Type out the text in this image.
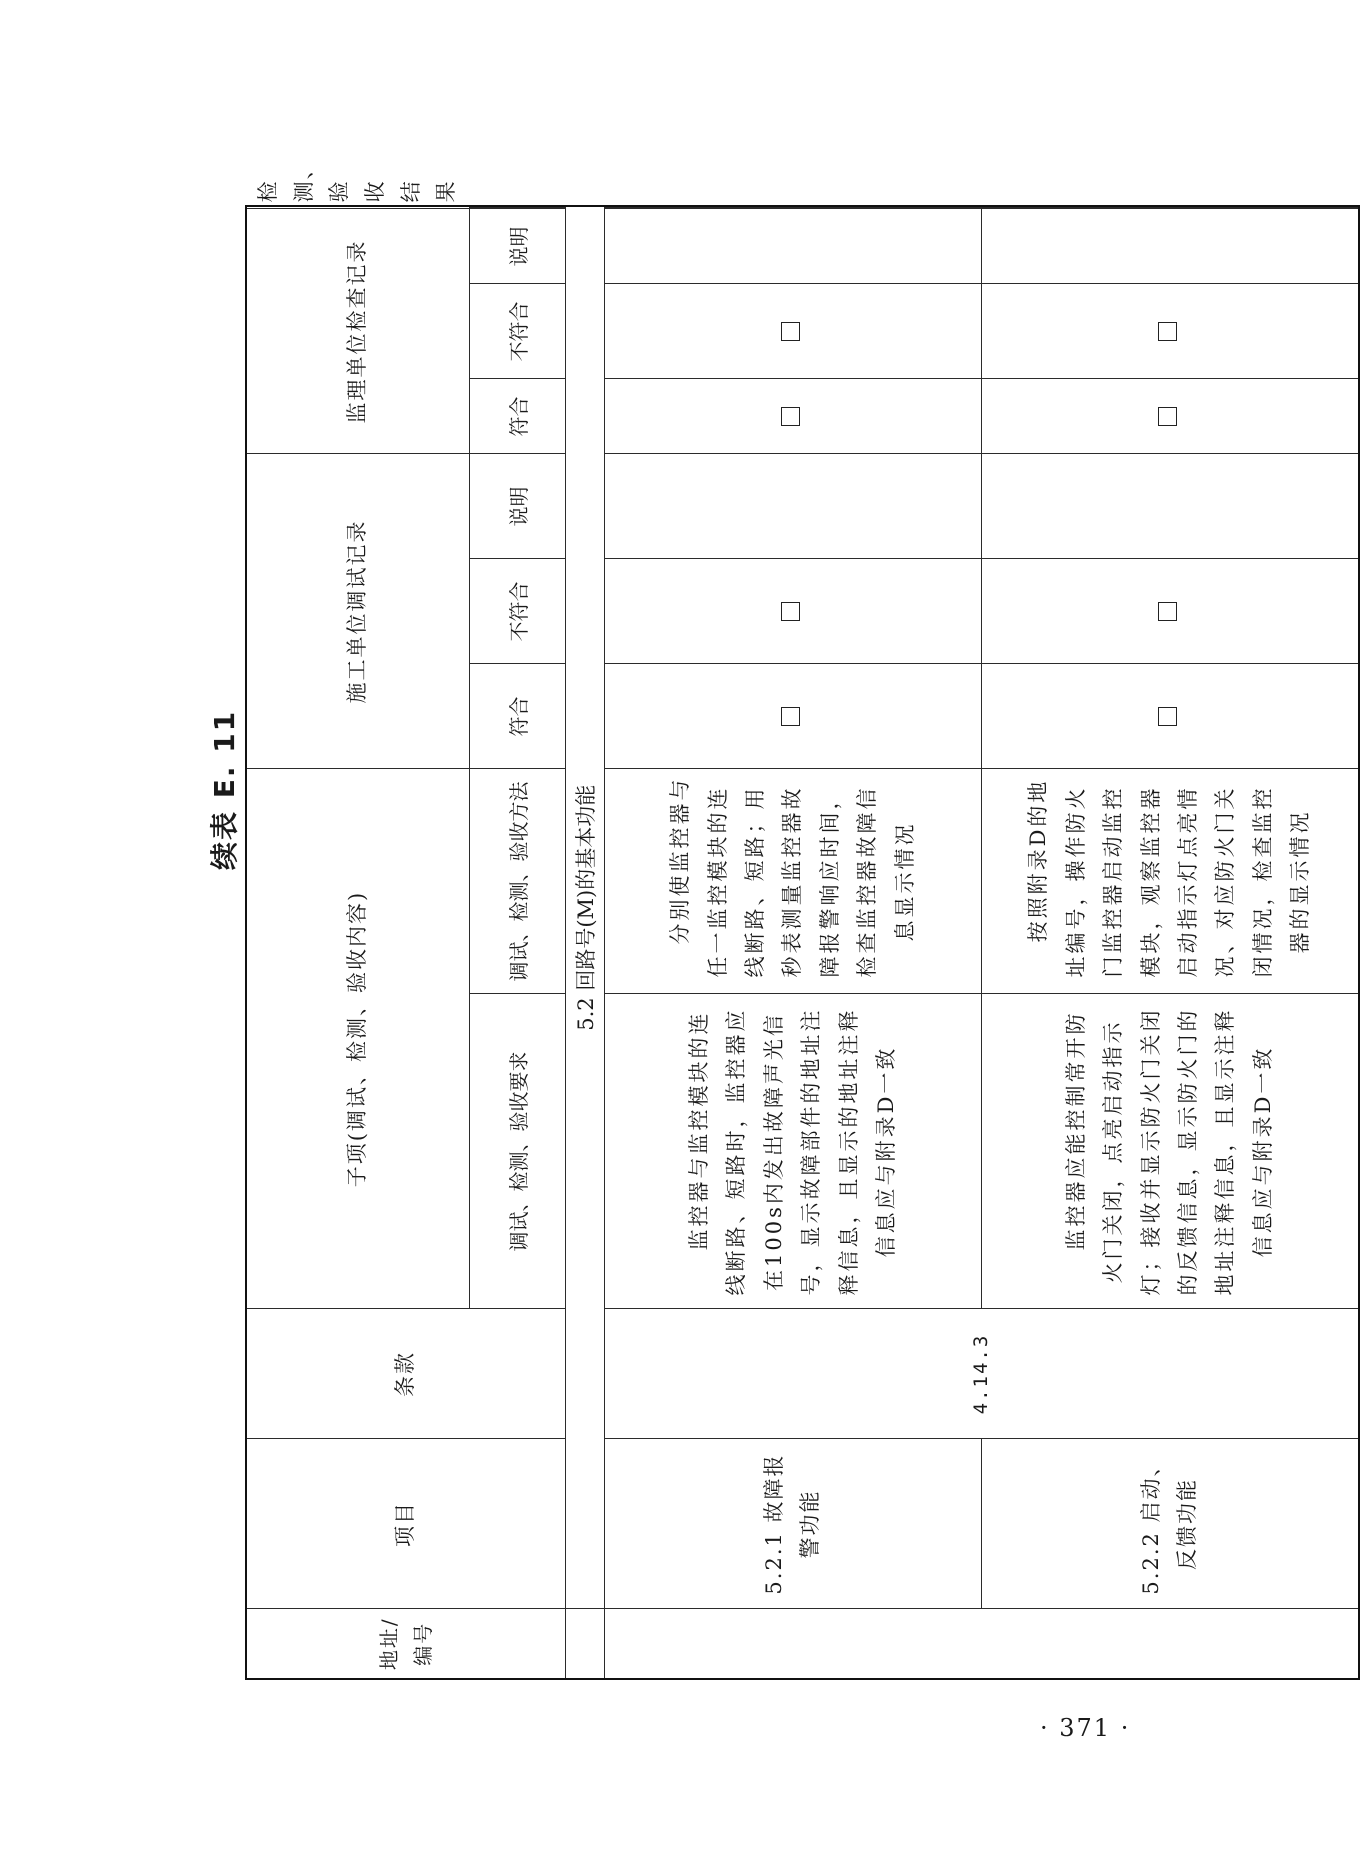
续表 E. 11
地址/编号	项目	条款	子项(调试、检测、验收内容)		施工单位调试记录			监理单位检查记录			检测、验收结果	
			调试、检测、验收要求	调试、检测、验收方法	符合	不符合	说明	符合	不符合	说明			
	5.2 回路号(M)的基本功能											
	5.2.1 故障报警功能	4.14.3	监控器与监控模块的连线断路、短路时，监控器应在100s内发出故障声光信号，显示故障部件的地址注释信息，且显示的地址注释信息应与附录D一致	分别使监控器与任一监控模块的连线断路、短路；用秒表测量监控器故障报警响应时间，检查监控器故障信息显示情况									
	5.2.2 启动、反馈功能		监控器应能控制常开防火门关闭，点亮启动指示灯；接收并显示防火门关闭的反馈信息，显示防火门的地址注释信息，且显示注释信息应与附录D一致	按照附录D的地址编号，操作防火门监控器启动监控模块，观察监控器启动指示灯点亮情况、对应防火门关闭情况，检查监控器的显示情况									
· 371 ·
